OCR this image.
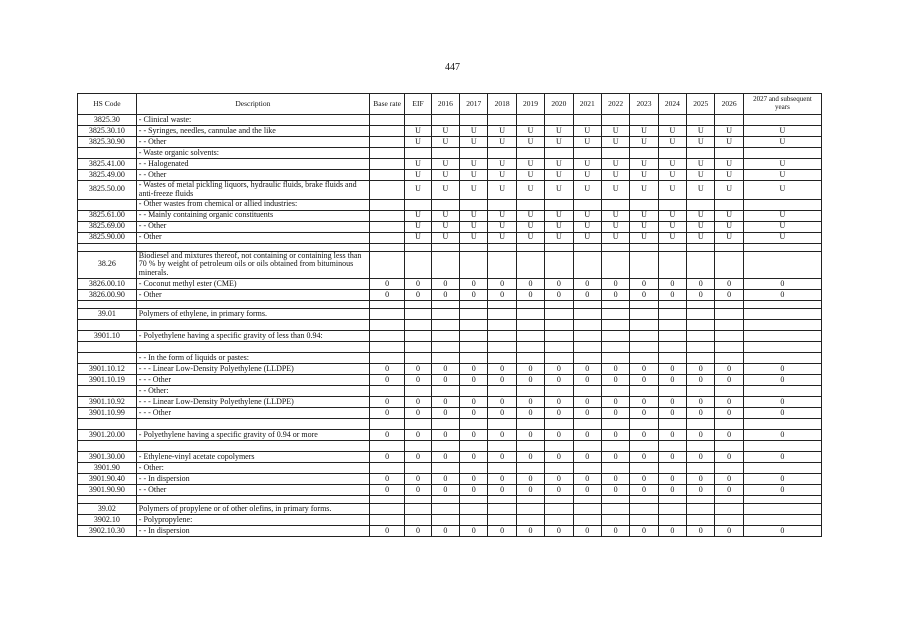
447
HS Code	Description	Base rate	EIF	2016	2017	2018	2019	2020	2021	2022	2023	2024	2025	2026	2027 and subsequent years
3825.30	- Clinical waste:														
3825.30.10	- - Syringes, needles, cannulae and the like		U	U	U	U	U	U	U	U	U	U	U	U	U
3825.30.90	- - Other		U	U	U	U	U	U	U	U	U	U	U	U	U
	- Waste organic solvents:														
3825.41.00	- - Halogenated		U	U	U	U	U	U	U	U	U	U	U	U	U
3825.49.00	- - Other		U	U	U	U	U	U	U	U	U	U	U	U	U
3825.50.00	- Wastes of metal pickling liquors, hydraulic fluids, brake fluids and anti-freeze fluids		U	U	U	U	U	U	U	U	U	U	U	U	U
	- Other wastes from chemical or allied industries:														
3825.61.00	- - Mainly containing organic constituents		U	U	U	U	U	U	U	U	U	U	U	U	U
3825.69.00	- - Other		U	U	U	U	U	U	U	U	U	U	U	U	U
3825.90.00	- Other		U	U	U	U	U	U	U	U	U	U	U	U	U

38.26	Biodiesel and mixtures thereof, not containing or containing less than 70 % by weight of petroleum oils or oils obtained from bituminous minerals.														
3826.00.10	- Coconut methyl ester (CME)	0	0	0	0	0	0	0	0	0	0	0	0	0	0
3826.00.90	- Other	0	0	0	0	0	0	0	0	0	0	0	0	0	0

39.01	Polymers of ethylene, in primary forms.														

3901.10	- Polyethylene having a specific gravity of less than 0.94:														

	- - In the form of liquids or pastes:														
3901.10.12	- - - Linear Low-Density Polyethylene (LLDPE)	0	0	0	0	0	0	0	0	0	0	0	0	0	0
3901.10.19	- - - Other	0	0	0	0	0	0	0	0	0	0	0	0	0	0
	- - Other:														
3901.10.92	- - - Linear Low-Density Polyethylene (LLDPE)	0	0	0	0	0	0	0	0	0	0	0	0	0	0
3901.10.99	- - - Other	0	0	0	0	0	0	0	0	0	0	0	0	0	0

3901.20.00	- Polyethylene having a specific gravity of 0.94 or more	0	0	0	0	0	0	0	0	0	0	0	0	0	0

3901.30.00	- Ethylene-vinyl acetate copolymers	0	0	0	0	0	0	0	0	0	0	0	0	0	0
3901.90	- Other:														
3901.90.40	- - In dispersion	0	0	0	0	0	0	0	0	0	0	0	0	0	0
3901.90.90	- - Other	0	0	0	0	0	0	0	0	0	0	0	0	0	0

39.02	Polymers of propylene or of other olefins, in primary forms.														
3902.10	- Polypropylene:														
3902.10.30	- - In dispersion	0	0	0	0	0	0	0	0	0	0	0	0	0	0
